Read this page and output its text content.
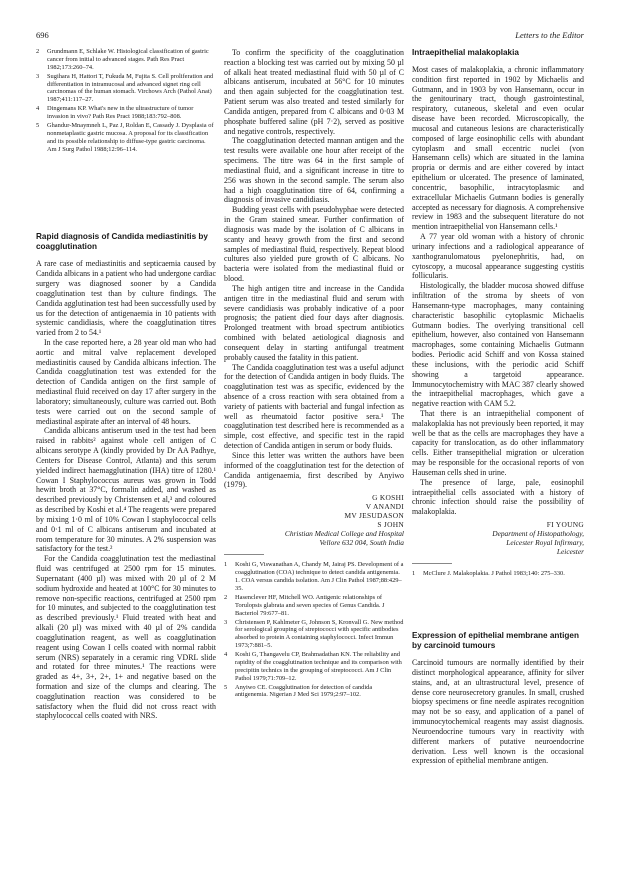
696	Letters to the Editor
2 Grundmann E, Schlake W. Histological classification of gastric cancer from initial to advanced stages. Path Res Pract 1982;173:260–74.
3 Sugihara H, Hattori T, Fukuda M, Fujita S. Cell proliferation and differentiation in intramucosal and advanced signet ring cell carcinomas of the human stomach. Virchows Arch (Pathol Anat) 1987;411:117–27.
4 Dingemans KP. What's new in the ultrastructure of tumor invasion in vivo? Path Res Pract 1988;183:792–808.
5 Ghandur-Mnaymneh L, Paz J, Roldan E, Cassady J. Dysplasia of nonmetaplastic gastric mucosa. A proposal for its classification and its possible relationship to diffuse-type gastric carcinoma. Am J Surg Pathol 1988;12:96–114.
Rapid diagnosis of Candida mediastinitis by coagglutination

A rare case of mediastinitis and septicaemia caused by Candida albicans in a patient who had undergone cardiac surgery was diagnosed sooner by a Candida coagglutination test than by culture findings. The Candida agglutination test had been successfully used by us for the detection of antigenaemia in 10 patients with systemic candidiasis, where the coagglutination titres varied from 2 to 54.¹

In the case reported here, a 28 year old man who had aortic and mitral valve replacement developed mediastinitis caused by Candida albicans infection. The Candida coagglutination test was extended for the detection of Candida antigen on the first sample of mediastinal fluid received on day 17 after surgery in the laboratory; simultaneously, culture was carried out. Both tests were carried out on the second sample of mediastinal aspirate after an interval of 48 hours.

Candida albicans antiserum used in the test had been raised in rabbits² against whole cell antigen of C albicans serotype A (kindly provided by Dr AA Padhye, Centers for Disease Control, Atlanta) and this serum yielded indirect haemagglutination (IHA) titre of 1280.¹ Cowan I Staphylococcus aureus was grown in Todd hewitt broth at 37°C, formalin added, and washed as described previously by Christensen et al,³ and coloured as described by Koshi et al.⁴ The reagents were prepared by mixing 1·0 ml of 10% Cowan I staphylococcal cells and 0·1 ml of C albicans antiserum and incubated at room temperature for 30 minutes. A 2% suspension was satisfactory for the test.²

For the Candida coagglutination test the mediastinal fluid was centrifuged at 2500 rpm for 15 minutes. Supernatant (400 µl) was mixed with 20 µl of 2 M sodium hydroxide and heated at 100°C for 30 minutes to remove non-specific reactions, centrifuged at 2500 rpm for 10 minutes, and subjected to the coagglutination test as described previously.¹ Fluid treated with heat and alkali (20 µl) was mixed with 40 µl of 2% candida coagglutination reagent, as well as coagglutination reagent using Cowan I cells coated with normal rabbit serum (NRS) separately in a ceramic ring VDRL slide and rotated for three minutes.¹ The reactions were graded as 4+, 3+, 2+, 1+ and negative based on the formation and size of the clumps and clearing. The coagglutination reaction was considered to be satisfactory when the fluid did not cross react with staphylococcal cells coated with NRS.

To confirm the specificity of the coagglutination reaction a blocking test was carried out by mixing 50 µl of alkali heat treated mediastinal fluid with 50 µl of C albicans antiserum, incubated at 56°C for 10 minutes and then again subjected for the coagglutination test. Patient serum was also treated and tested similarly for Candida antigen, prepared from C albicans and 0·03 M phosphate buffered saline (pH 7·2), served as positive and negative controls, respectively.

The coagglutination detected mannan antigen and the test results were available one hour after receipt of the specimens. The titre was 64 in the first sample of mediastinal fluid, and a significant increase in titre to 256 was shown in the second sample. The serum also had a high coagglutination titre of 64, confirming a diagnosis of invasive candidiasis.

Budding yeast cells with pseudohyphae were detected in the Gram stained smear. Further confirmation of diagnosis was made by the isolation of C albicans in scanty and heavy growth from the first and second samples of mediastinal fluid, respectively. Repeat blood cultures also yielded pure growth of C albicans. No bacteria were isolated from the mediastinal fluid or blood.

The high antigen titre and increase in the Candida antigen titre in the mediastinal fluid and serum with severe candidiasis was probably indicative of a poor prognosis; the patient died four days after diagnosis. Prolonged treatment with broad spectrum antibiotics combined with belated aetiological diagnosis and consequent delay in starting antifungal treatment probably caused the fatality in this patient.

The Candida coagglutination test was a useful adjunct for the detection of Candida antigen in body fluids. The coagglutination test was as specific, evidenced by the absence of a cross reaction with sera obtained from a variety of patients with bacterial and fungal infection as well as rheumatoid factor positive sera.¹ The coagglutination test described here is recommended as a simple, cost effective, and specific test in the rapid detection of Candida antigen in serum or body fluids.

Since this letter was written the authors have been informed of the coagglutination test for the detection of Candida antigenaemia, first described by Anyiwo (1979).

G KOSHI
V ANANDI
MV JESUDASON
S JOHN
Christian Medical College and Hospital
Vellore 632 004, South India
1 Koshi G, Viswanathan A, Chandy M, Jairaj PS. Development of a coagglutination (COA) technique to detect candida antigenemia. 1. COA versus candida isolation. Am J Clin Pathol 1987;88:429–35.
2 Hasenclever HF, Mitchell WO. Antigenic relationships of Torulopsis glabrata and seven species of Genus Candida. J Bacteriol 79:677–81.
3 Christensen P, Kahlmeter G, Johnson S, Kronvall G. New method for serological grouping of streptococci with specific antibodies absorbed to protein A containing staphylococci. Infect Immun 1973;7:881–5.
4 Koshi G, Thangavelu CP, Brahmadathan KN. The reliability and rapidity of the coagglutination technique and its comparison with precipitin technics in the grouping of streptococci. Am J Clin Pathol 1979;71:709–12.
5 Anyiwo CE. Coagglutination for detection of candida antigenemia. Nigerian J Med Sci 1979;2:97–102.
Intraepithelial malakoplakia

Most cases of malakoplakia, a chronic inflammatory condition first reported in 1902 by Michaelis and Gutmann, and in 1903 by von Hansemann, occur in the genitourinary tract, though gastrointestinal, respiratory, cutaneous, skeletal and even ocular disease have been recorded. Microscopically, the mucosal and cutaneous lesions are characteristically composed of large eosinophilic cells with abundant cytoplasm and small eccentric nuclei (von Hansemann cells) which are situated in the lamina propria or dermis and are either covered by intact epithelium or ulcerated. The presence of laminated, concentric, basophilic, intracytoplasmic and extracellular Michaelis Gutmann bodies is generally accepted as necessary for diagnosis. A comprehensive review in 1983 and the subsequent literature do not mention intraepithelial von Hansemann cells.¹

A 77 year old woman with a history of chronic urinary infections and a radiological appearance of xanthogranulomatous pyelonephritis, had, on cytoscopy, a mucosal appearance suggesting cystitis follicularis.

Histologically, the bladder mucosa showed diffuse infiltration of the stroma by sheets of von Hansemann-type macrophages, many containing characteristic basophilic cytoplasmic Michaelis Gutmann bodies. The overlying transitional cell epithelium, however, also contained von Hansemann macrophages, some containing Michaelis Gutmann bodies. Periodic acid Schiff and von Kossa stained these inclusions, with the periodic acid Schiff showing a targetoid appearance. Immunocytochemistry with MAC 387 clearly showed the intraepithelial macrophages, which gave a negative reaction with CAM 5.2.

That there is an intraepithelial component of malakoplakia has not previously been reported, it may well be that as the cells are macrophages they have a capacity for translocation, as do other inflammatory cells. Either transepithelial migration or ulceration may be responsible for the occasional reports of von Hauseman cells shed in urine.

The presence of large, pale, eosinophil intraepithelial cells associated with a history of chronic infection should raise the possibility of malakoplakia.

FI YOUNG
Department of Histopathology,
Leicester Royal Infirmary,
Leicester
1 McClure J. Malakoplakia. J Pathol 1983;140: 275–330.
Expression of epithelial membrane antigen by carcinoid tumours

Carcinoid tumours are normally identified by their distinct morphological appearance, affinity for silver stains, and, at an ultrastructural level, presence of dense core neurosecretory granules. In small, crushed biopsy specimens or fine needle aspirates recognition may not be so easy, and application of a panel of immunocytochemical reagents may assist diagnosis. Neuroendocrine tumours vary in reactivity with different markers of putative neuroendocrine derivation. Less well known is the occasional expression of epithelial membrane antigen.
